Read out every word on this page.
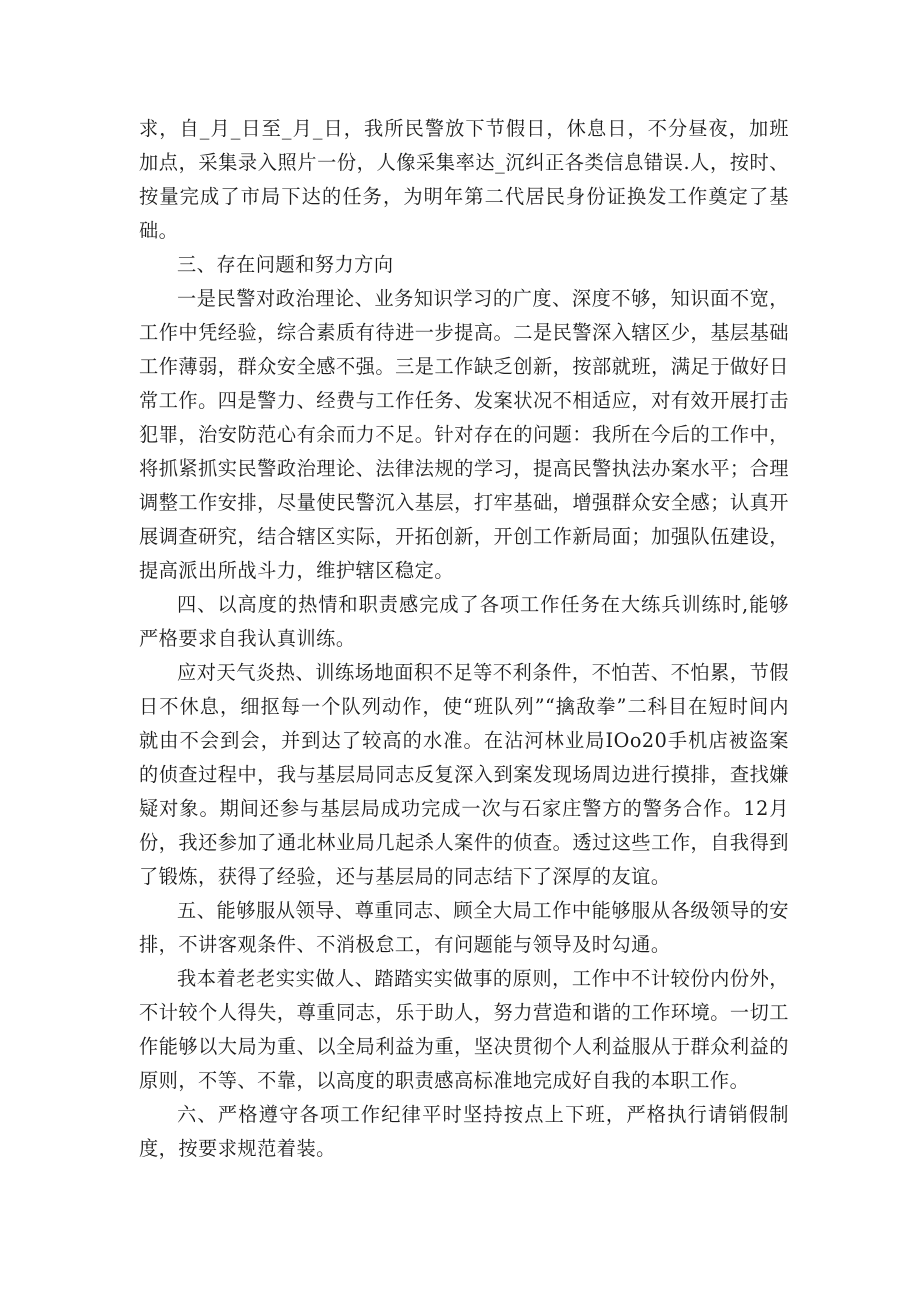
求，自_月_日至_月_日，我所民警放下节假日，休息日，不分昼夜，加班加点，采集录入照片一份，人像采集率达_沉纠正各类信息错误.人，按时、按量完成了市局下达的任务，为明年第二代居民身份证换发工作奠定了基础。

三、存在问题和努力方向

一是民警对政治理论、业务知识学习的广度、深度不够，知识面不宽，工作中凭经验，综合素质有待进一步提高。二是民警深入辖区少，基层基础工作薄弱，群众安全感不强。三是工作缺乏创新，按部就班，满足于做好日常工作。四是警力、经费与工作任务、发案状况不相适应，对有效开展打击犯罪，治安防范心有余而力不足。针对存在的问题：我所在今后的工作中，将抓紧抓实民警政治理论、法律法规的学习，提高民警执法办案水平；合理调整工作安排，尽量使民警沉入基层，打牢基础，增强群众安全感；认真开展调查研究，结合辖区实际，开拓创新，开创工作新局面；加强队伍建设，提高派出所战斗力，维护辖区稳定。

四、以高度的热情和职责感完成了各项工作任务在大练兵训练时,能够严格要求自我认真训练。

应对天气炎热、训练场地面积不足等不利条件，不怕苦、不怕累，节假日不休息，细抠每一个队列动作，使“班队列”“擒敌拳”二科目在短时间内就由不会到会，并到达了较高的水准。在沾河林业局IOo20手机店被盗案的侦查过程中，我与基层局同志反复深入到案发现场周边进行摸排，查找嫌疑对象。期间还参与基层局成功完成一次与石家庄警方的警务合作。12月份，我还参加了通北林业局几起杀人案件的侦查。透过这些工作，自我得到了锻炼，获得了经验，还与基层局的同志结下了深厚的友谊。

五、能够服从领导、尊重同志、顾全大局工作中能够服从各级领导的安排，不讲客观条件、不消极怠工，有问题能与领导及时勾通。

我本着老老实实做人、踏踏实实做事的原则，工作中不计较份内份外，不计较个人得失，尊重同志，乐于助人，努力营造和谐的工作环境。一切工作能够以大局为重、以全局利益为重，坚决贯彻个人利益服从于群众利益的原则，不等、不靠，以高度的职责感高标准地完成好自我的本职工作。

六、严格遵守各项工作纪律平时坚持按点上下班，严格执行请销假制度，按要求规范着装。
